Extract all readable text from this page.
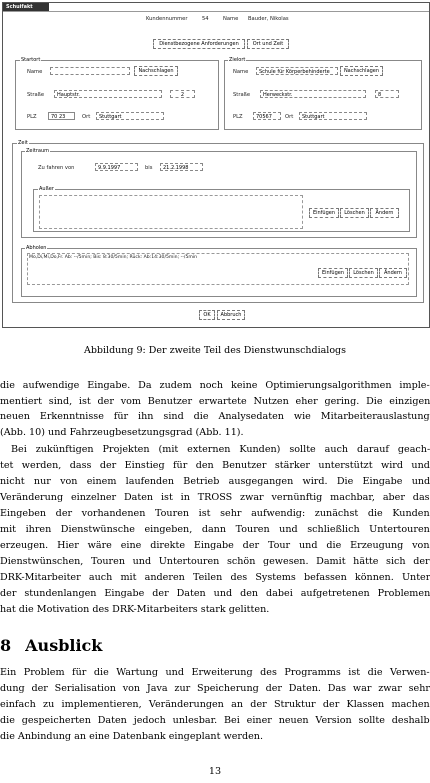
Schuifakt
Kundennummer	54	Name Bauder, Nikolas
Dienstbezogene Anforderungen	Ort und Zeit
Startort
Name	Nachschlagen
Straße	Hauptstr.	2
PLZ	70 23	Ort	Stuttgart
Zielort
Name	Schule für Körperbehinderte	Nachschlagen
Straße	Herweckstr.	8
PLZ	70567	Ort	Stuttgart
Zeit
Zeitraum
Zu fahren von	9.9.1997	bis	21.2.1998
Außer
Einfügen	Löschen	Ändern
Abholen
Mo,Di,Mi,Do,Fr. Ab: --/5min; Bis: 8:30/5min; Rück: Ab:14:30/5min; --/5min
Einfügen	Löschen	Ändern
OK	Abbruch
Abbildung 9: Der zweite Teil des Dienstwunschdialogs
die aufwendige Eingabe. Da zudem noch keine Optimierungsalgorithmen imple-
mentiert sind, ist der vom Benutzer erwartete Nutzen eher gering. Die einzigen
neuen Erkenntnisse für ihn sind die Analysedaten wie Mitarbeiterauslastung
(Abb. 10) und Fahrzeugbesetzungsgrad (Abb. 11).
Bei zukünftigen Projekten (mit externen Kunden) sollte auch darauf geach-
tet werden, dass der Einstieg für den Benutzer stärker unterstützt wird und
nicht nur von einem laufenden Betrieb ausgegangen wird. Die Eingabe und
Veränderung einzelner Daten ist in TROSS zwar vernünftig machbar, aber das
Eingeben der vorhandenen Touren ist sehr aufwendig: zunächst die Kunden
mit ihren Dienstwünsche eingeben, dann Touren und schließlich Untertouren
erzeugen. Hier wäre eine direkte Eingabe der Tour und die Erzeugung von
Dienstwünschen, Touren und Untertouren schön gewesen. Damit hätte sich der
DRK-Mitarbeiter auch mit anderen Teilen des Systems befassen können. Unter
der stundenlangen Eingabe der Daten und den dabei aufgetretenen Problemen
hat die Motivation des DRK-Mitarbeiters stark gelitten.
8 Ausblick
Ein Problem für die Wartung und Erweiterung des Programms ist die Verwen-
dung der Serialisation von Java zur Speicherung der Daten. Das war zwar sehr
einfach zu implementieren, Veränderungen an der Struktur der Klassen machen
die gespeicherten Daten jedoch unlesbar. Bei einer neuen Version sollte deshalb
die Anbindung an eine Datenbank eingeplant werden.
13
